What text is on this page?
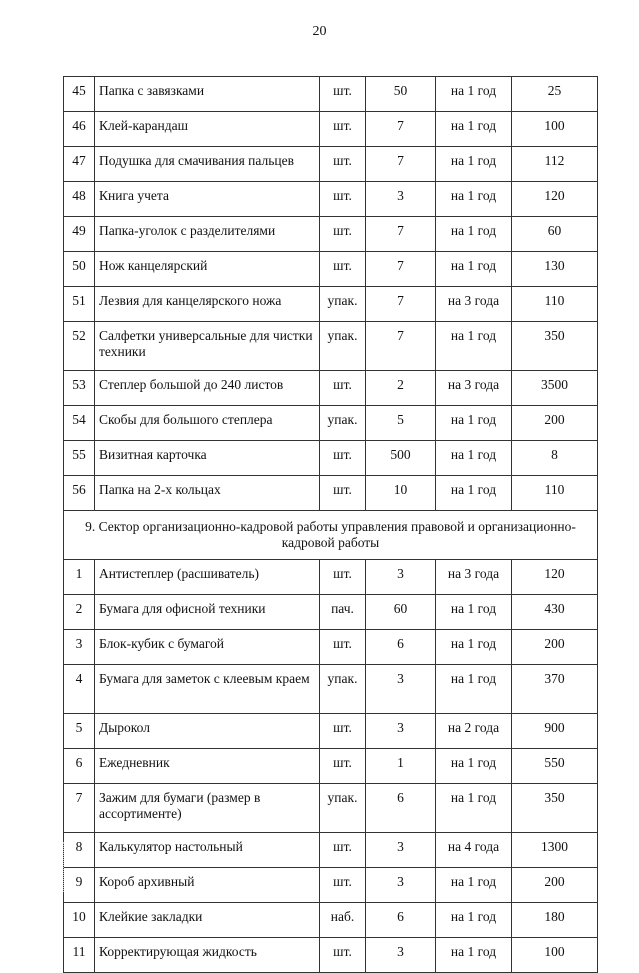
20
45	Папка с завязками	шт.	50	на 1 год	25
46	Клей-карандаш	шт.	7	на 1 год	100
47	Подушка для смачивания пальцев	шт.	7	на 1 год	112
48	Книга учета	шт.	3	на 1 год	120
49	Папка-уголок с разделителями	шт.	7	на 1 год	60
50	Нож канцелярский	шт.	7	на 1 год	130
51	Лезвия для канцелярского ножа	упак.	7	на 3 года	110
52	Салфетки универсальные для чистки техники	упак.	7	на 1 год	350
53	Степлер большой до 240 листов	шт.	2	на 3 года	3500
54	Скобы для большого степлера	упак.	5	на 1 год	200
55	Визитная карточка	шт.	500	на 1 год	8
56	Папка на 2-х кольцах	шт.	10	на 1 год	110
9. Сектор организационно-кадровой работы управления правовой и организационно-кадровой работы					
1	Антистеплер (расшиватель)	шт.	3	на 3 года	120
2	Бумага для офисной техники	пач.	60	на 1 год	430
3	Блок-кубик с бумагой	шт.	6	на 1 год	200
4	Бумага для заметок с клеевым краем	упак.	3	на 1 год	370
5	Дырокол	шт.	3	на 2 года	900
6	Ежедневник	шт.	1	на 1 год	550
7	Зажим для бумаги (размер в ассортименте)	упак.	6	на 1 год	350
8	Калькулятор настольный	шт.	3	на 4 года	1300
9	Короб архивный	шт.	3	на 1 год	200
10	Клейкие закладки	наб.	6	на 1 год	180
11	Корректирующая жидкость	шт.	3	на 1 год	100
